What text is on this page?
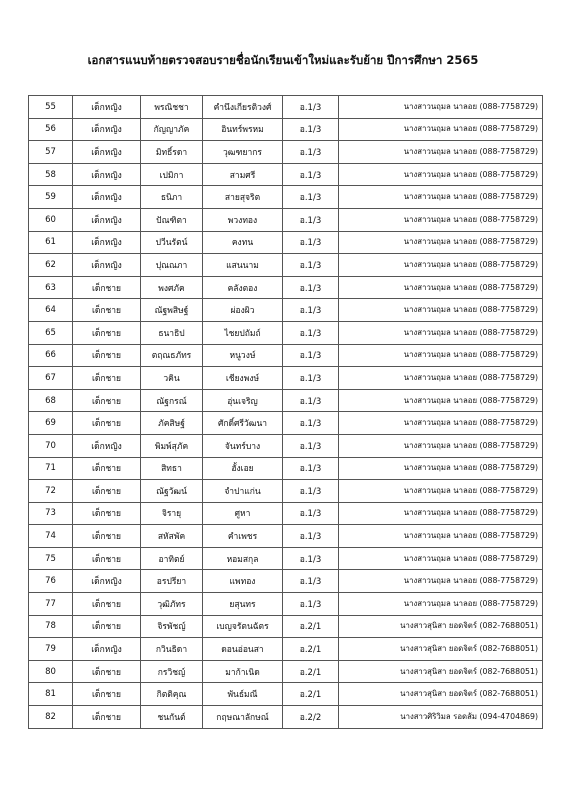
เอกสารแนบท้ายตรวจสอบรายชื่อนักเรียนเข้าใหม่และรับย้าย ปีการศึกษา 2565
55	เด็กหญิง	พรณิชชา	คำนึงเกียรติวงศ์	อ.1/3	นางสาวนฤมล นาลอย (088-7758729)
56	เด็กหญิง	กัญญาภัค	อินทร์พรหม	อ.1/3	นางสาวนฤมล นาลอย (088-7758729)
57	เด็กหญิง	มิทธิ์รดา	วุฒฑยากร	อ.1/3	นางสาวนฤมล นาลอย (088-7758729)
58	เด็กหญิง	เปมิกา	สามศรี	อ.1/3	นางสาวนฤมล นาลอย (088-7758729)
59	เด็กหญิง	ธนิภา	สายสุจริต	อ.1/3	นางสาวนฤมล นาลอย (088-7758729)
60	เด็กหญิง	ปัณฑิตา	พวงทอง	อ.1/3	นางสาวนฤมล นาลอย (088-7758729)
61	เด็กหญิง	ปวีนรัตน์	คงทน	อ.1/3	นางสาวนฤมล นาลอย (088-7758729)
62	เด็กหญิง	ปุณณภา	แสนนาม	อ.1/3	นางสาวนฤมล นาลอย (088-7758729)
63	เด็กชาย	พงศภัค	คลังตอง	อ.1/3	นางสาวนฤมล นาลอย (088-7758729)
64	เด็กชาย	ณัฐพสิษฐ์	ผ่องผิว	อ.1/3	นางสาวนฤมล นาลอย (088-7758729)
65	เด็กชาย	ธนาธิป	ไชยปถัมถ์	อ.1/3	นางสาวนฤมล นาลอย (088-7758729)
66	เด็กชาย	ตฤณธภัทร	หนูวงษ์	อ.1/3	นางสาวนฤมล นาลอย (088-7758729)
67	เด็กชาย	วคิน	เชียงพงษ์	อ.1/3	นางสาวนฤมล นาลอย (088-7758729)
68	เด็กชาย	ณัฐกรณ์	อุ่นเจริญ	อ.1/3	นางสาวนฤมล นาลอย (088-7758729)
69	เด็กชาย	ภัคสิษฐ์	ศักดิ์ศรีวัฒนา	อ.1/3	นางสาวนฤมล นาลอย (088-7758729)
70	เด็กหญิง	พิมพ์สุภัค	จันทร์บาง	อ.1/3	นางสาวนฤมล นาลอย (088-7758729)
71	เด็กชาย	สิทธา	ฮั้งเอย	อ.1/3	นางสาวนฤมล นาลอย (088-7758729)
72	เด็กชาย	ณัฐวัฒน์	จำปาแก่น	อ.1/3	นางสาวนฤมล นาลอย (088-7758729)
73	เด็กชาย	จิรายุ	ศูหา	อ.1/3	นางสาวนฤมล นาลอย (088-7758729)
74	เด็กชาย	สหัสพัค	คำเพชร	อ.1/3	นางสาวนฤมล นาลอย (088-7758729)
75	เด็กชาย	อาทิตย์	หอมสกุล	อ.1/3	นางสาวนฤมล นาลอย (088-7758729)
76	เด็กหญิง	อรปรียา	แพทอง	อ.1/3	นางสาวนฤมล นาลอย (088-7758729)
77	เด็กชาย	วุฒิภัทร	ยสุนทร	อ.1/3	นางสาวนฤมล นาลอย (088-7758729)
78	เด็กชาย	จิรพัชญ์	เบญจรัตนฉัตร	อ.2/1	นางสาวสุนิสา ยอดจิตร์ (082-7688051)
79	เด็กหญิง	กวินธิดา	ดอนอ่อนสา	อ.2/1	นางสาวสุนิสา ยอดจิตร์ (082-7688051)
80	เด็กชาย	กรวิชญ์	มาก้าเนิด	อ.2/1	นางสาวสุนิสา ยอดจิตร์ (082-7688051)
81	เด็กชาย	กิตติคุณ	พันธ์มณี	อ.2/1	นางสาวสุนิสา ยอดจิตร์ (082-7688051)
82	เด็กชาย	ชนกันต์	กฤษณาลักษณ์	อ.2/2	นางสาวศิริวิมล รอดส้ม (094-4704869)
